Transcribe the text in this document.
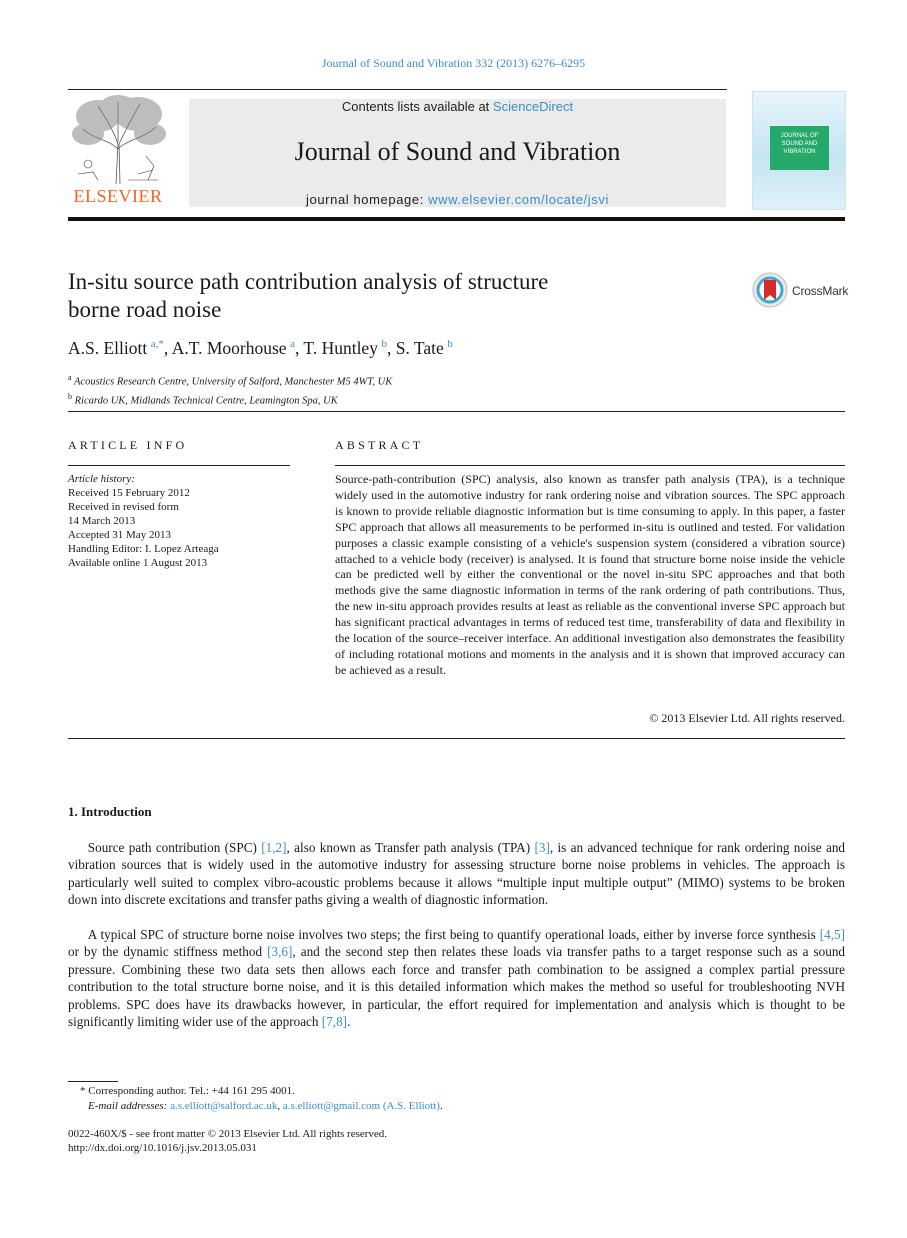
Journal of Sound and Vibration 332 (2013) 6276–6295
ELSEVIER
Contents lists available at ScienceDirect
Journal of Sound and Vibration
journal homepage: www.elsevier.com/locate/jsvi
JOURNAL OF
SOUND AND
VIBRATION
In-situ source path contribution analysis of structure
borne road noise
CrossMark
A.S. Elliott  $^{a,*}$, A.T. Moorhouse  $^a$, T. Huntley  $^b$, S. Tate  $^b$
$^a$ Acoustics Research Centre, University of Salford, Manchester M5 4WT, UK
$^b$ Ricardo UK, Midlands Technical Centre, Leamington Spa, UK
ARTICLE INFO
Article history:
Received 15 February 2012
Received in revised form
14 March 2013
Accepted 31 May 2013
Handling Editor: I. Lopez Arteaga
Available online 1 August 2013
ABSTRACT
Source-path-contribution (SPC) analysis, also known as transfer path analysis (TPA), is a technique widely used in the automotive industry for rank ordering noise and vibration sources. The SPC approach is known to provide reliable diagnostic information but is time consuming to apply. In this paper, a faster SPC approach that allows all measurements to be performed in-situ is outlined and tested. For validation purposes a classic example consisting of a vehicle's suspension system (considered a vibration source) attached to a vehicle body (receiver) is analysed. It is found that structure borne noise inside the vehicle can be predicted well by either the conventional or the novel in-situ SPC approaches and that both methods give the same diagnostic information in terms of the rank ordering of path contributions. Thus, the new in-situ approach provides results at least as reliable as the conventional inverse SPC approach but has significant practical advantages in terms of reduced test time, transferability of data and flexibility in the location of the source–receiver interface. An additional investigation also demonstrates the feasibility of including rotational motions and moments in the analysis and it is shown that improved accuracy can be achieved as a result.
© 2013 Elsevier Ltd. All rights reserved.
1. Introduction
  Source path contribution (SPC) [1,2], also known as Transfer path analysis (TPA) [3], is an advanced technique for rank ordering noise and vibration sources that is widely used in the automotive industry for assessing structure borne noise problems in vehicles. The approach is particularly well suited to complex vibro-acoustic problems because it allows “multiple input multiple output” (MIMO) systems to be broken down into discrete excitations and transfer paths giving a wealth of diagnostic information.
  A typical SPC of structure borne noise involves two steps; the first being to quantify operational loads, either by inverse force synthesis [4,5] or by the dynamic stiffness method [3,6], and the second step then relates these loads via transfer paths to a target response such as a sound pressure. Combining these two data sets then allows each force and transfer path combination to be assigned a complex partial pressure contribution to the total structure borne noise, and it is this detailed information which makes the method so useful for troubleshooting NVH problems. SPC does have its drawbacks however, in particular, the effort required for implementation and analysis which is thought to be significantly limiting wider use of the approach [7,8].
* Corresponding author. Tel.: +44 161 295 4001.
E-mail addresses: a.s.elliott@salford.ac.uk, a.s.elliott@gmail.com (A.S. Elliott).
0022-460X/$ - see front matter © 2013 Elsevier Ltd. All rights reserved.
http://dx.doi.org/10.1016/j.jsv.2013.05.031
